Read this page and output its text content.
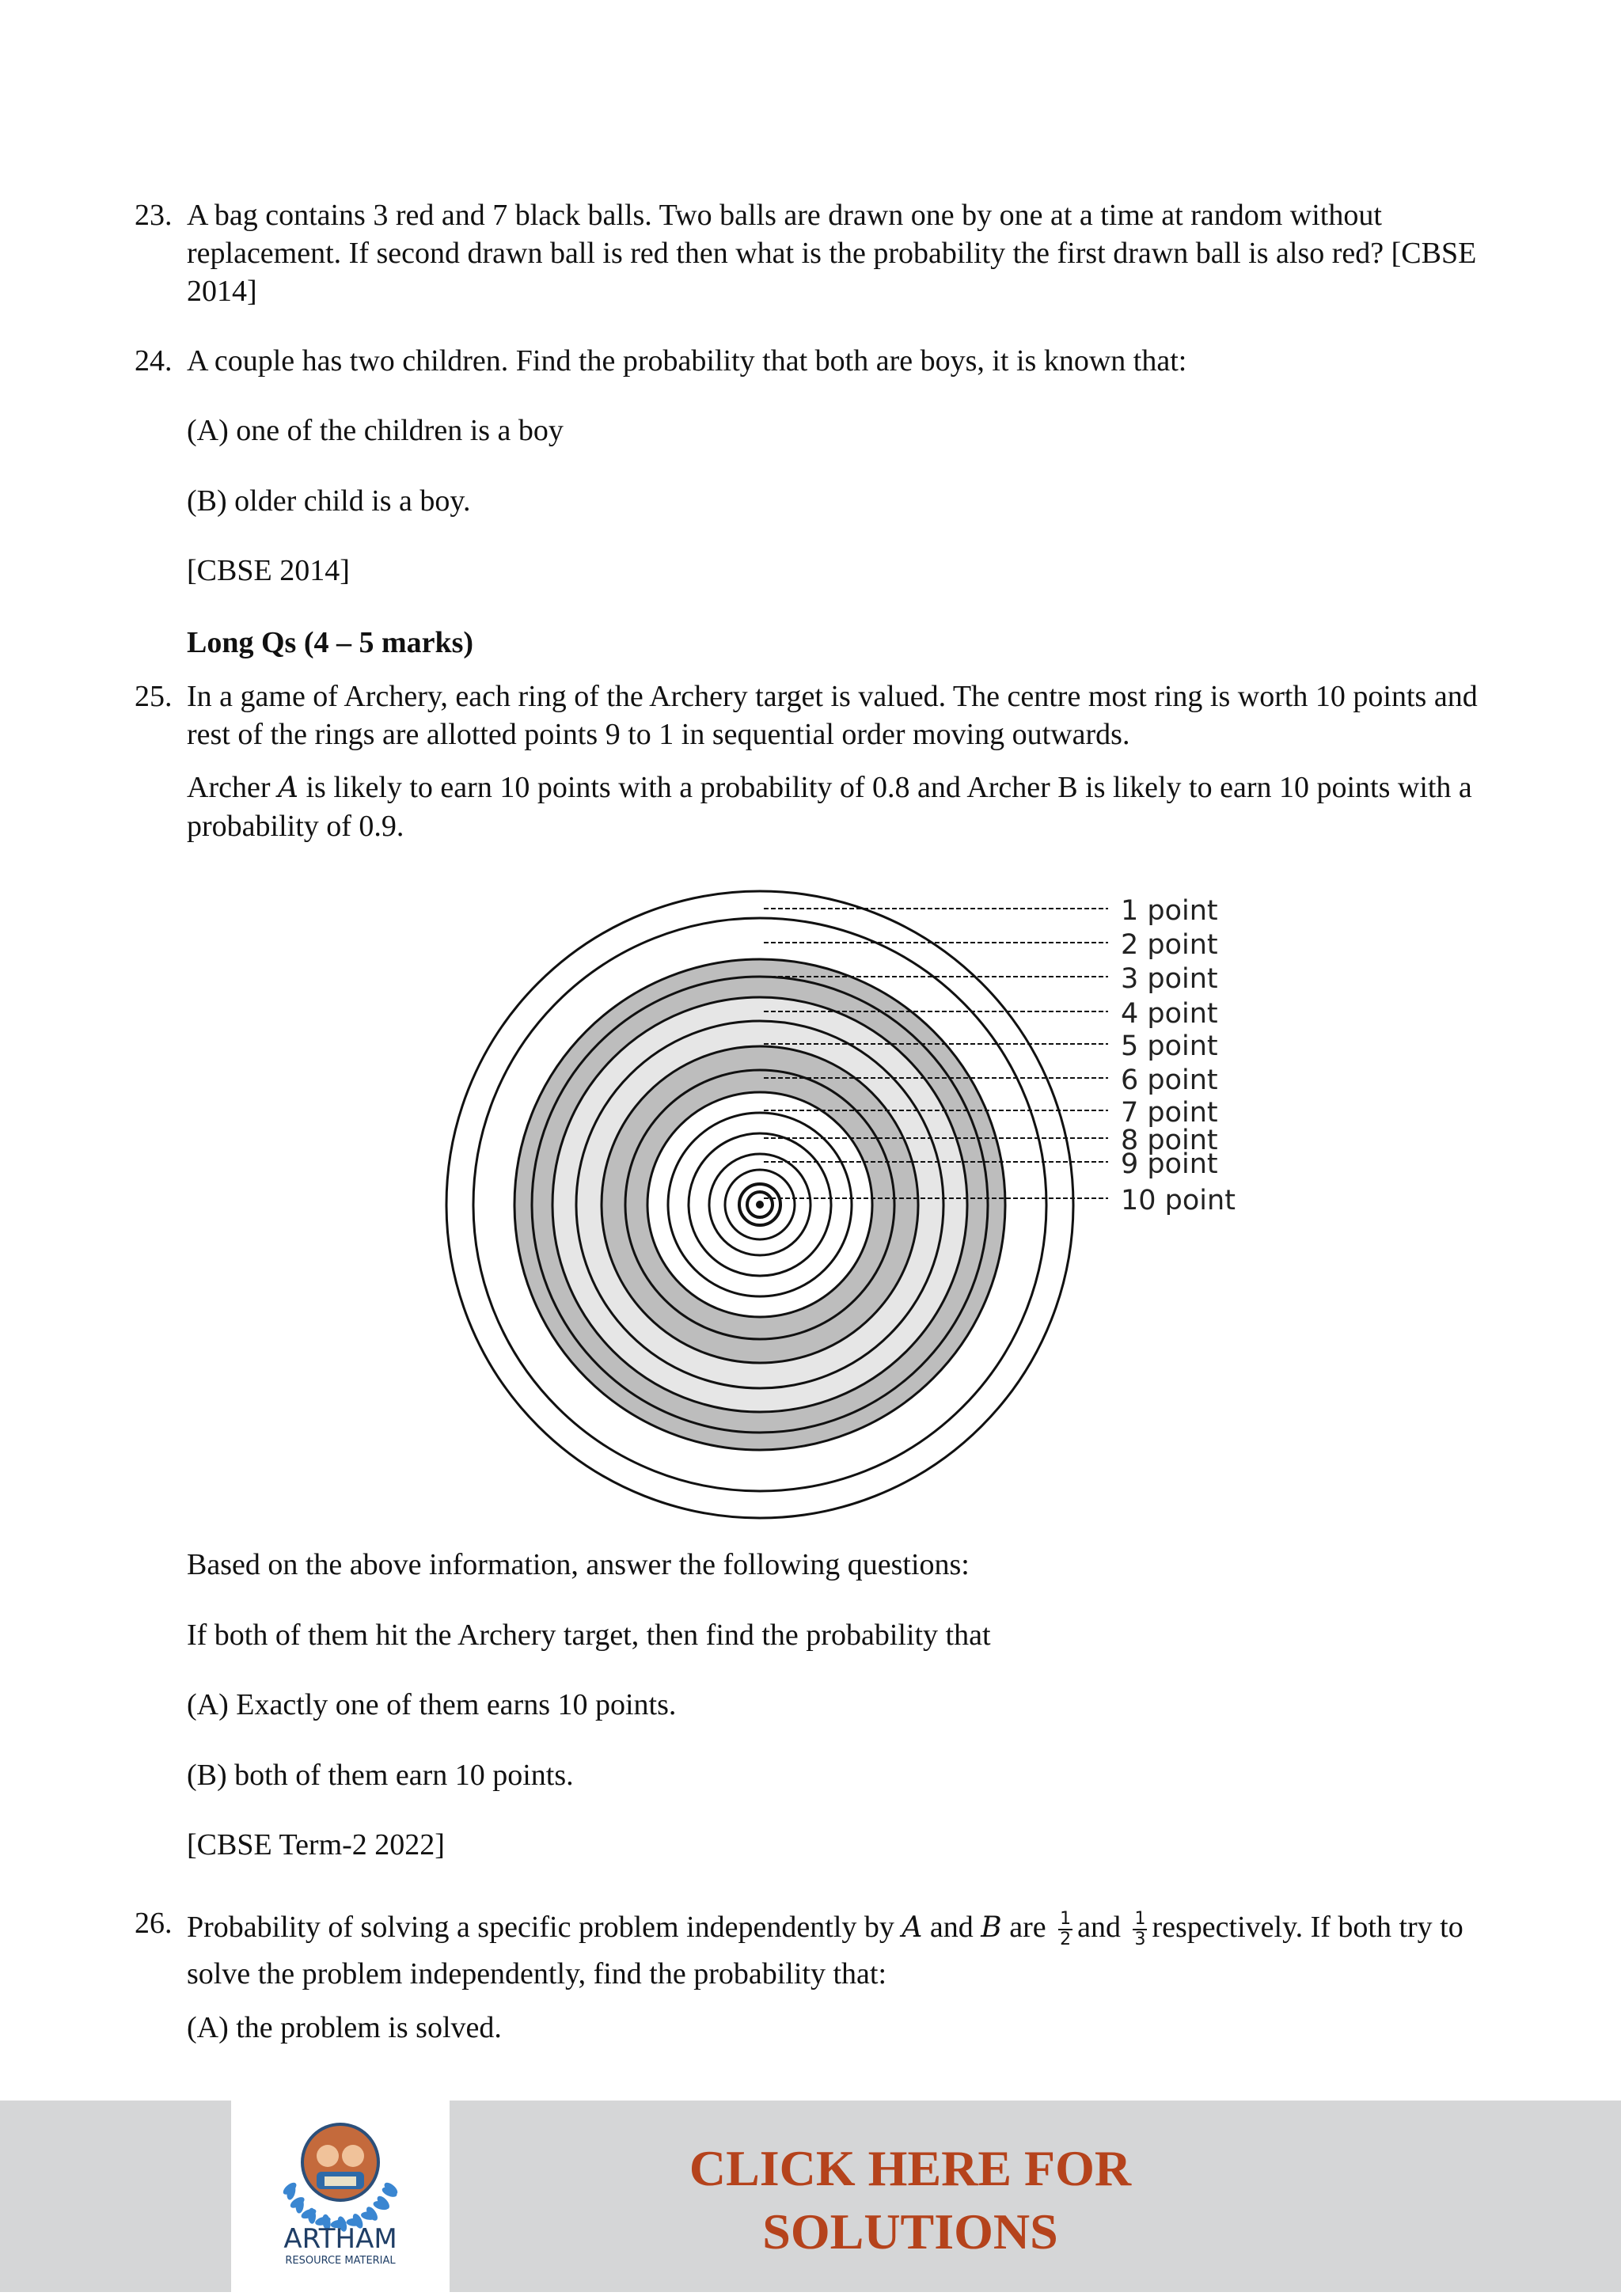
23. A bag contains 3 red and 7 black balls. Two balls are drawn one by one at a time at random without replacement. If second drawn ball is red then what is the probability the first drawn ball is also red? [CBSE 2014]
24. A couple has two children. Find the probability that both are boys, it is known that:
(A) one of the children is a boy
(B) older child is a boy.
[CBSE 2014]
Long Qs (4 – 5 marks)
25. In a game of Archery, each ring of the Archery target is valued. The centre most ring is worth 10 points and rest of the rings are allotted points 9 to 1 in sequential order moving outwards.
Archer A is likely to earn 10 points with a probability of 0.8 and Archer B is likely to earn 10 points with a probability of 0.9.
1 point
2 point
3 point
4 point
5 point
6 point
7 point
8 point
9 point
10 point
Based on the above information, answer the following questions:
If both of them hit the Archery target, then find the probability that
(A) Exactly one of them earns 10 points.
(B) both of them earn 10 points.
[CBSE Term-2 2022]
26. Probability of solving a specific problem independently by A and B are $\frac{1}{2}$ and $\frac{1}{3}$ respectively. If both try to solve the problem independently, find the probability that:
(A) the problem is solved.
ARTHAM
RESOURCE MATERIAL
CLICK HERE FOR
SOLUTIONS
